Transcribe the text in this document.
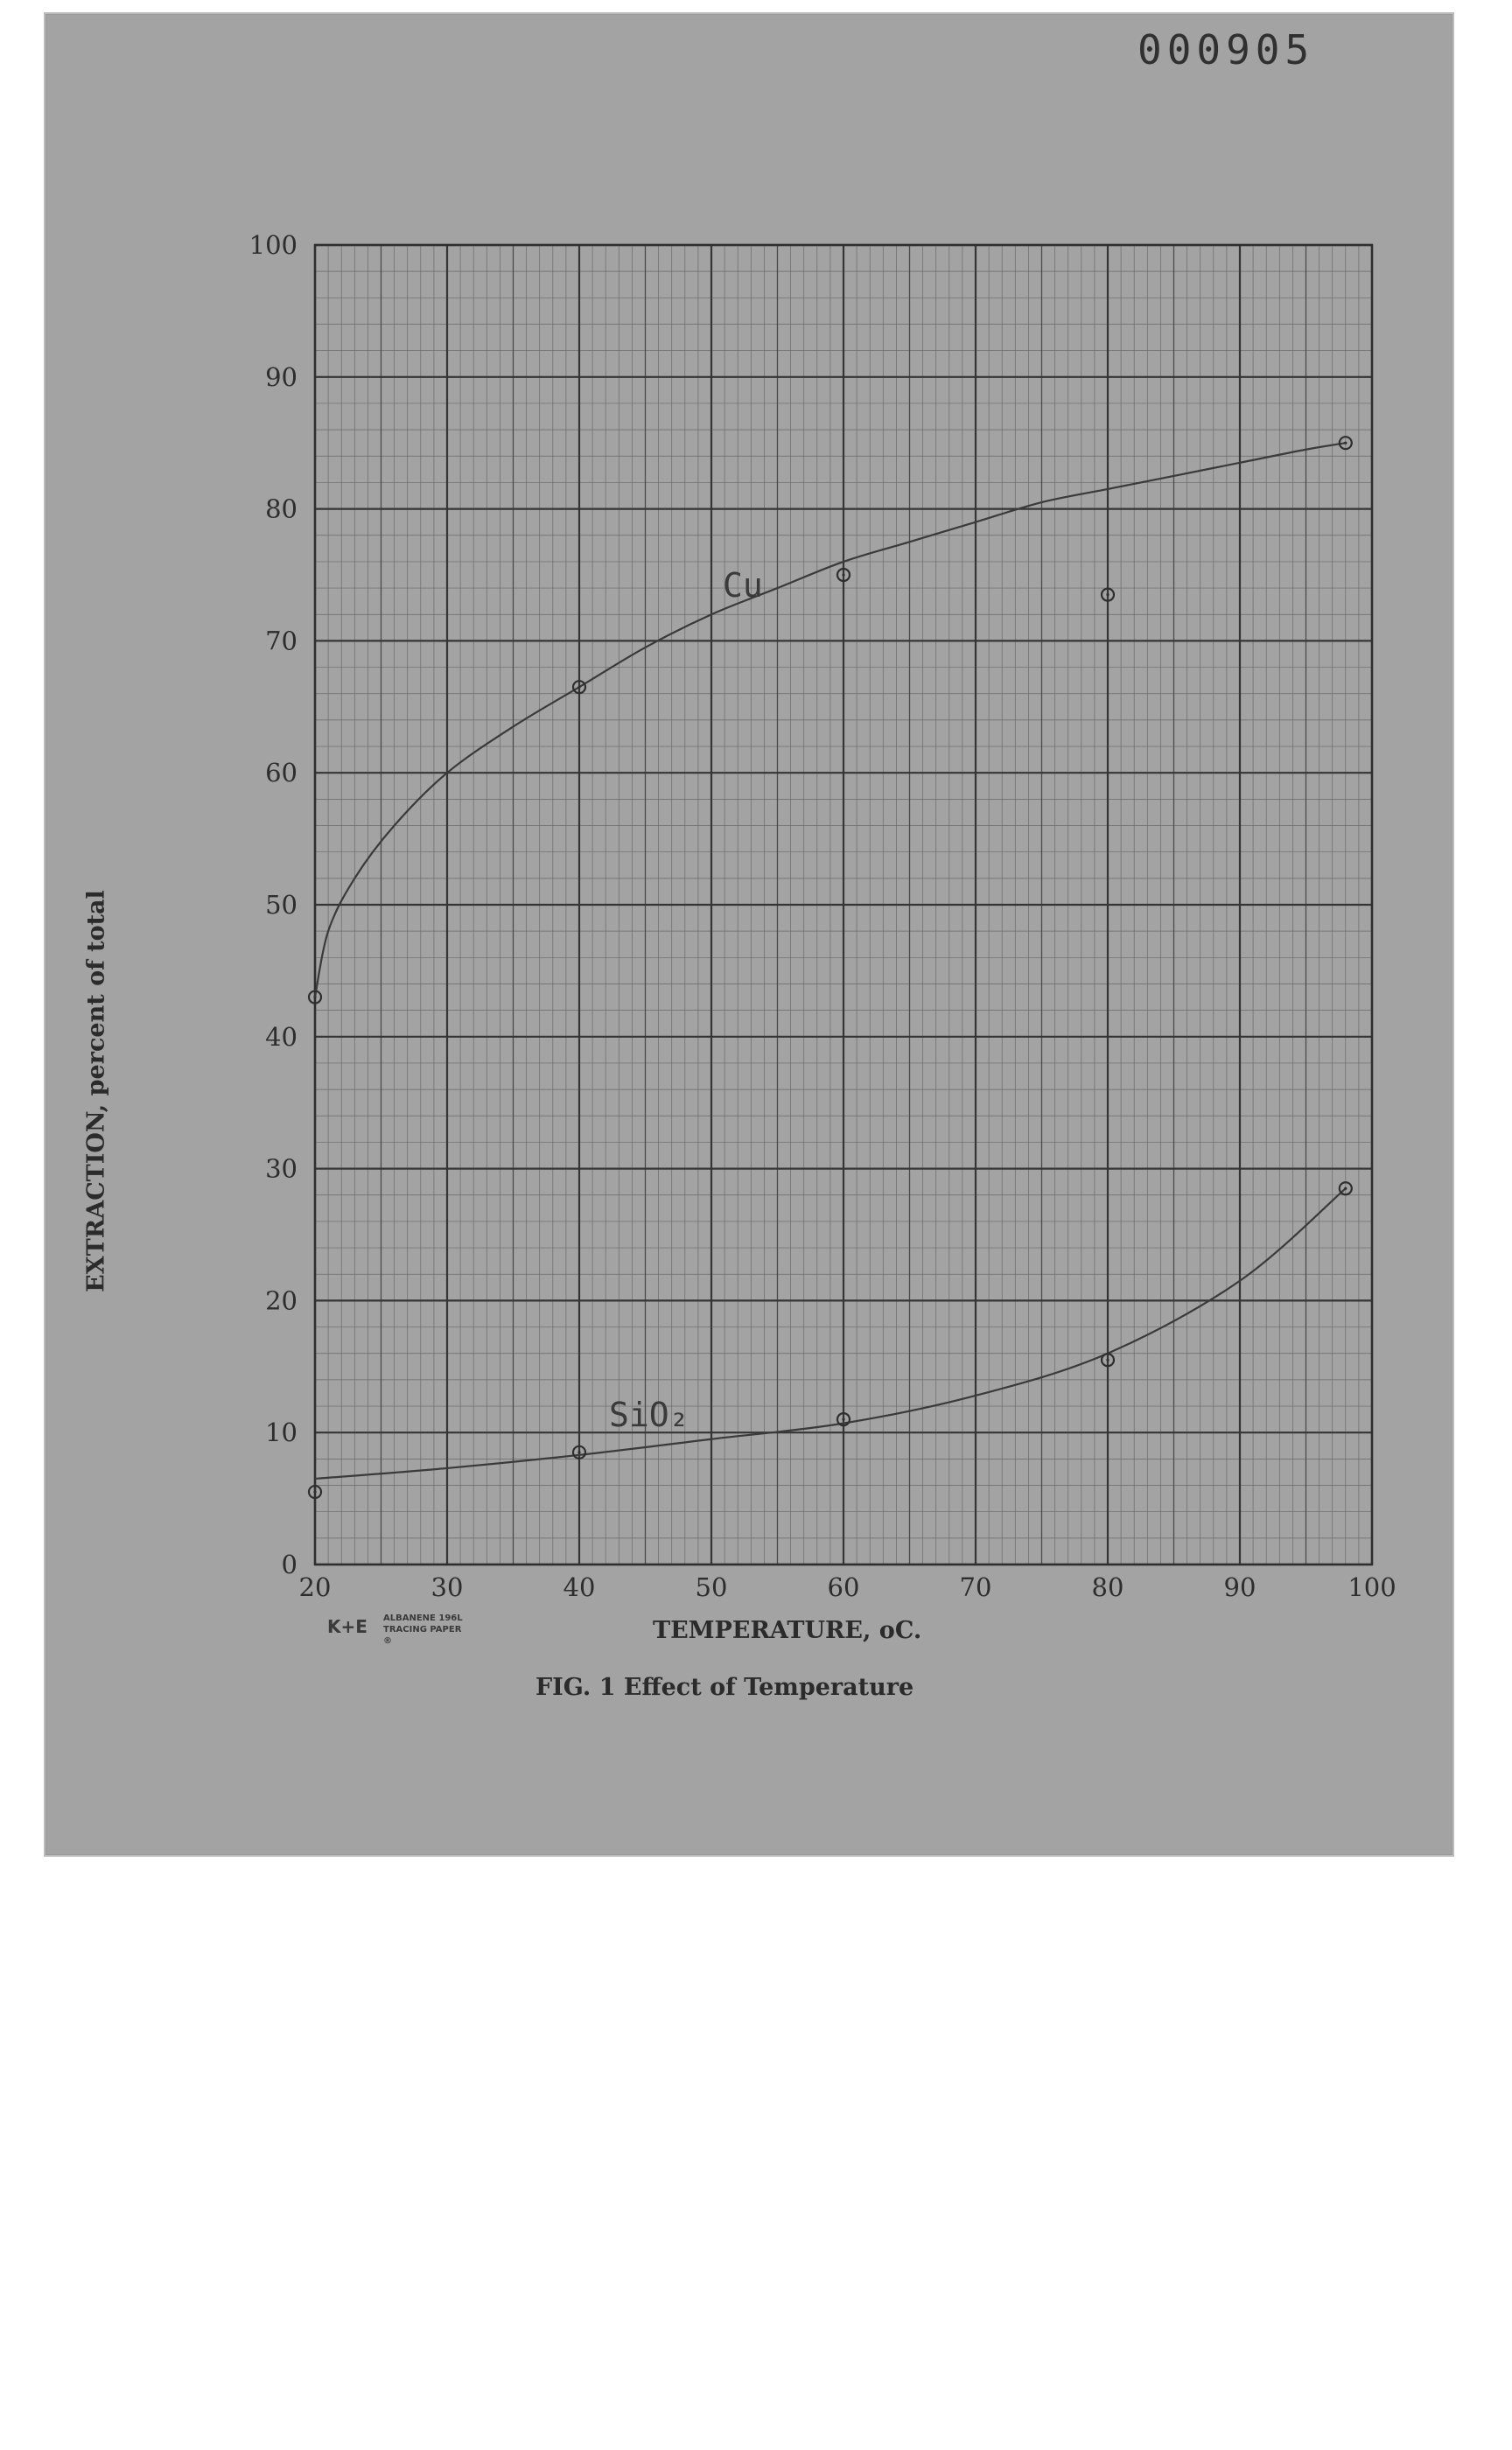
000905
20	30	40	50	60	70	80	90	100
0
10
20
30
40
50
60
70
80
90
100
Cu
SiO₂
EXTRACTION, percent of total
TEMPERATURE, oC.
FIG. 1 Effect of Temperature
K+E ALBANENE 196L
TRACING PAPER
®
